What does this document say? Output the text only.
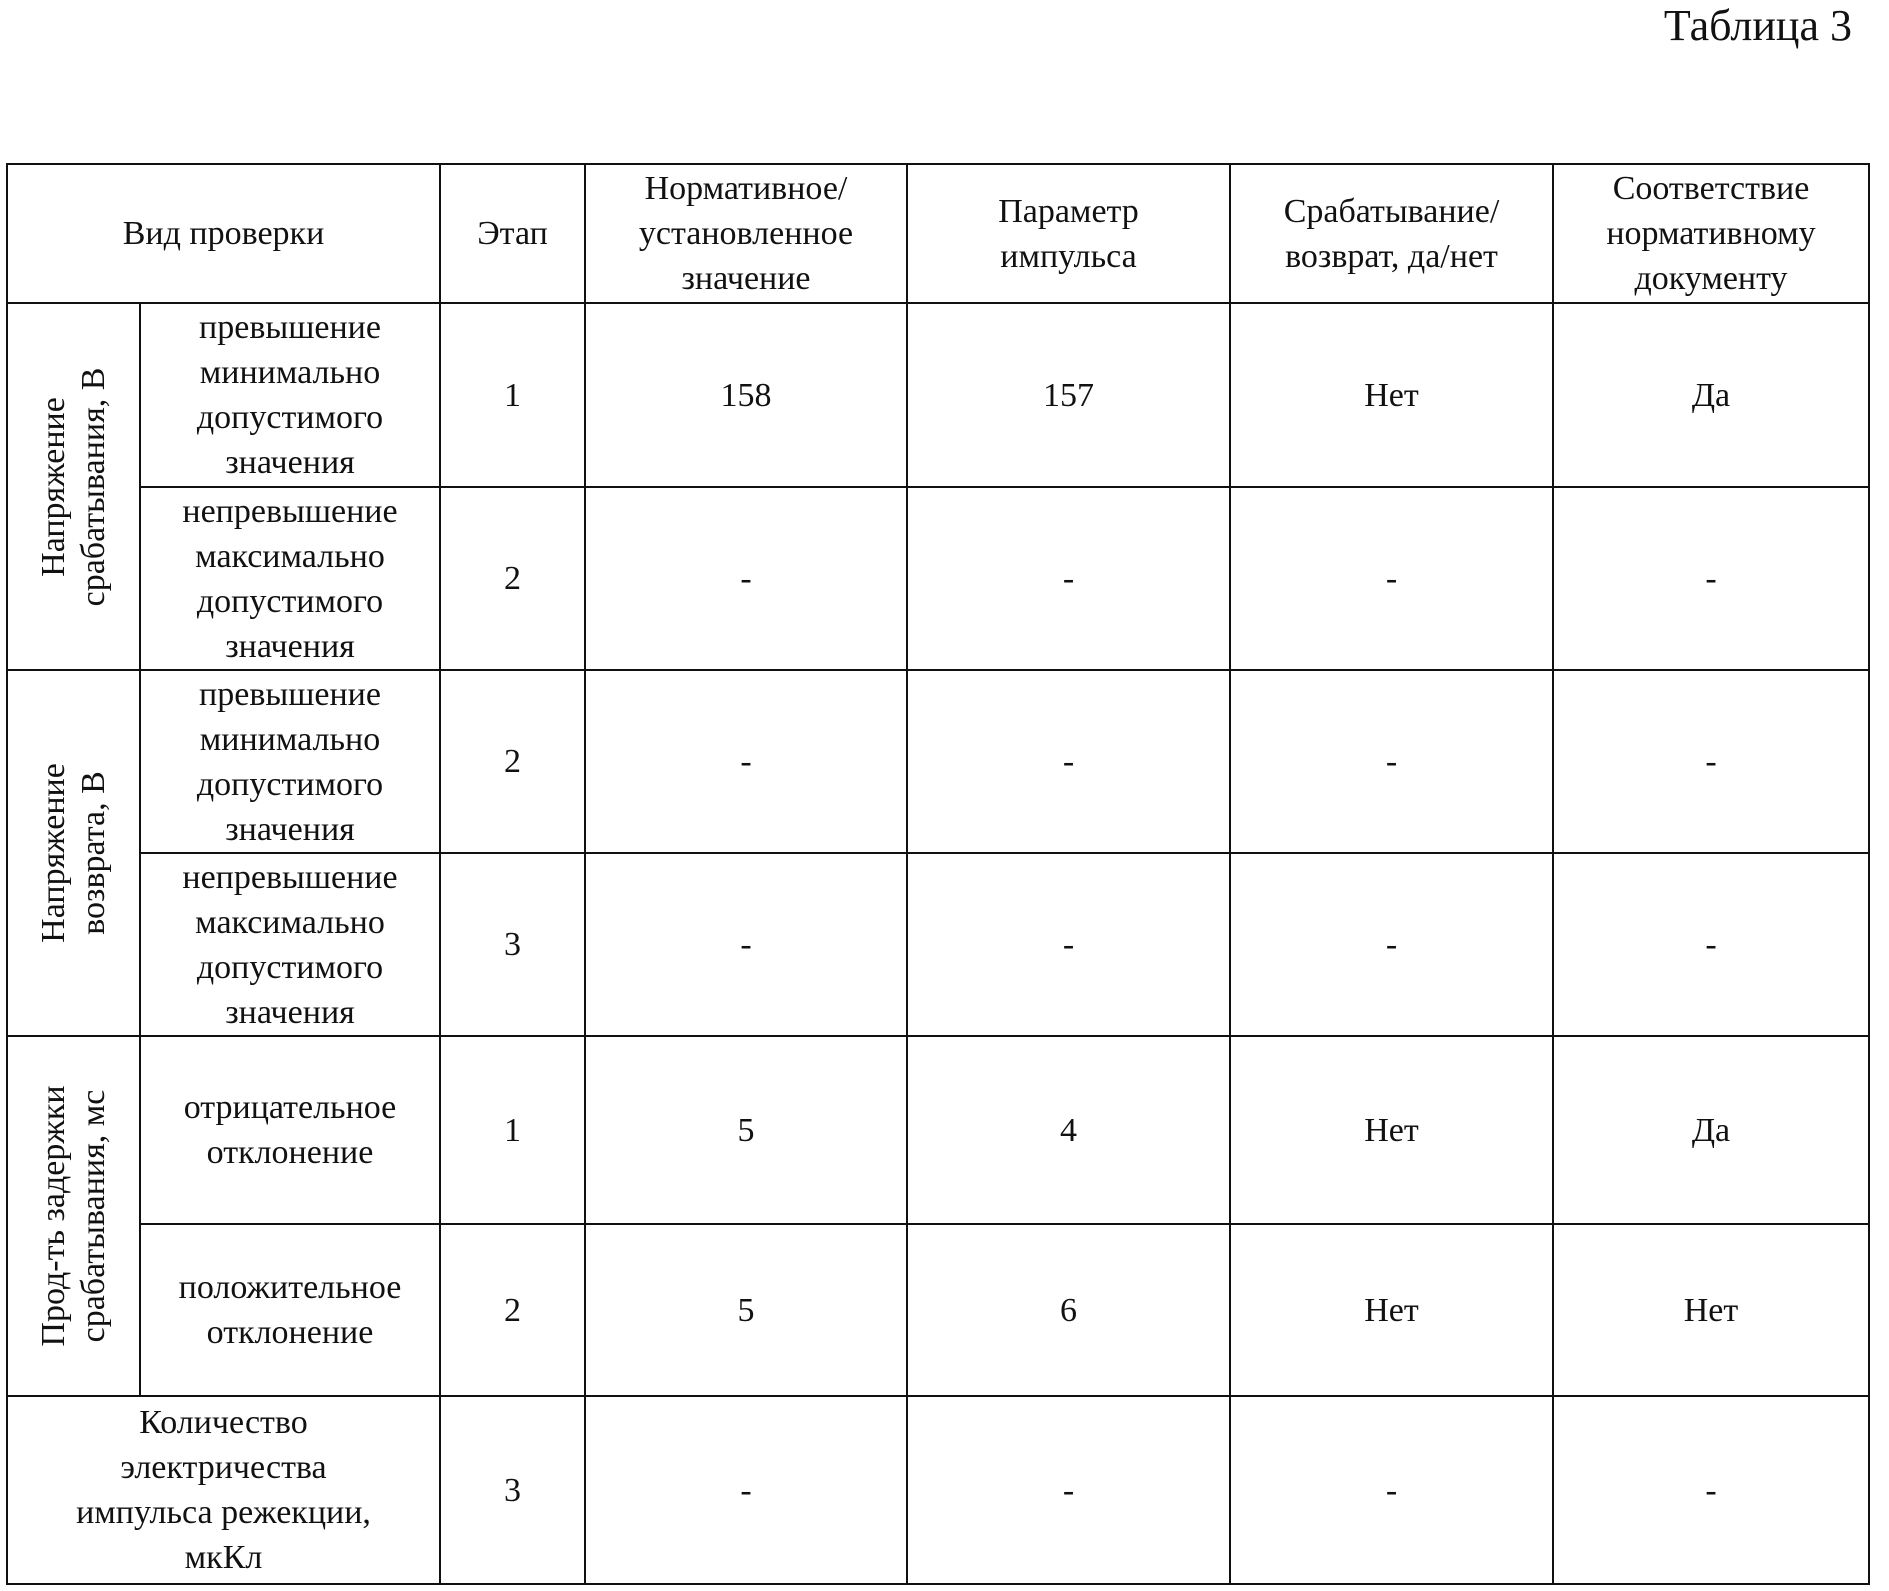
Таблица 3
Вид проверки	Этап	
Нормативное/
установленное
значение

Параметр
импульса

Срабатывание/
возврат, да/нет

Соответствие
нормативному
документу

Напряжение срабатывания, В

превышение
минимально
допустимого
значения
	1	158	157	Нет	Да

непревышение
максимально
допустимого
значения
	2	-	-	-	-

Напряжение возврата, В

превышение
минимально
допустимого
значения
	2	-	-	-	-

непревышение
максимально
допустимого
значения
	3	-	-	-	-

Прод-ть задержки срабатывания, мс	отрицательное
отклонение
	1	5	4	Нет	Да

положительное
отклонение
	2	5	6	Нет	Нет

Количество
электричества
импульса режекции,
мкКл
	3	-	-	-	-
